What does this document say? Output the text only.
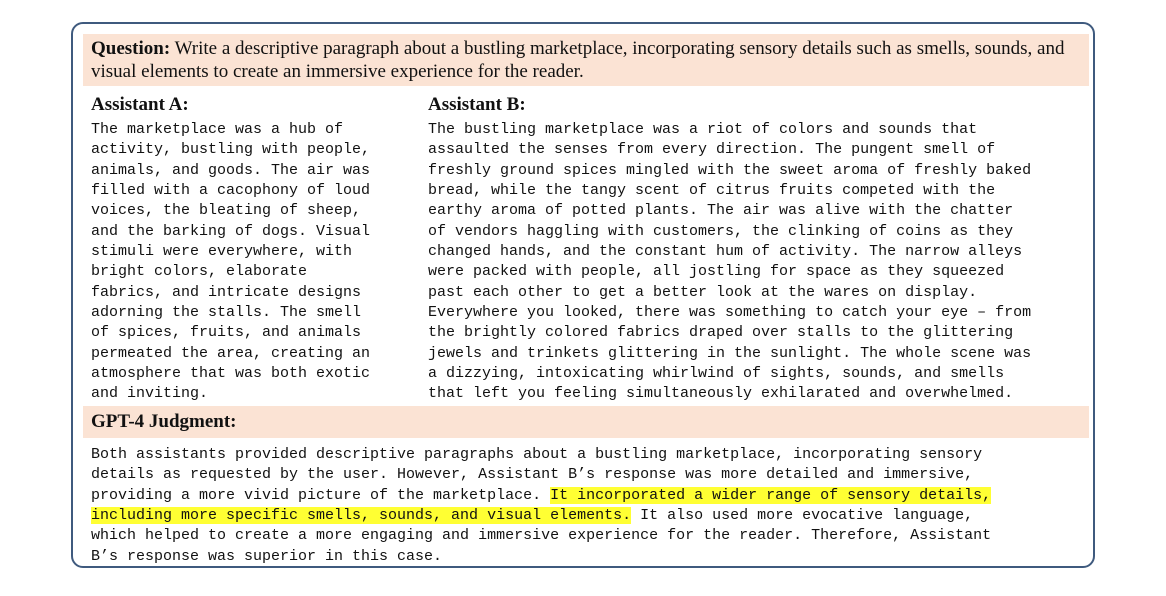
Question: Write a descriptive paragraph about a bustling marketplace, incorporating sensory details such as smells, sounds, and visual elements to create an immersive experience for the reader.
Assistant A:	Assistant B:
The marketplace was a hub of
activity, bustling with people,
animals, and goods. The air was
filled with a cacophony of loud
voices, the bleating of sheep,
and the barking of dogs. Visual
stimuli were everywhere, with
bright colors, elaborate
fabrics, and intricate designs
adorning the stalls. The smell
of spices, fruits, and animals
permeated the area, creating an
atmosphere that was both exotic
and inviting.
The bustling marketplace was a riot of colors and sounds that
assaulted the senses from every direction. The pungent smell of
freshly ground spices mingled with the sweet aroma of freshly baked
bread, while the tangy scent of citrus fruits competed with the
earthy aroma of potted plants. The air was alive with the chatter
of vendors haggling with customers, the clinking of coins as they
changed hands, and the constant hum of activity. The narrow alleys
were packed with people, all jostling for space as they squeezed
past each other to get a better look at the wares on display.
Everywhere you looked, there was something to catch your eye – from
the brightly colored fabrics draped over stalls to the glittering
jewels and trinkets glittering in the sunlight. The whole scene was
a dizzying, intoxicating whirlwind of sights, sounds, and smells
that left you feeling simultaneously exhilarated and overwhelmed.
GPT-4 Judgment:
Both assistants provided descriptive paragraphs about a bustling marketplace, incorporating sensory
details as requested by the user. However, Assistant B’s response was more detailed and immersive,
providing a more vivid picture of the marketplace. It incorporated a wider range of sensory details,
including more specific smells, sounds, and visual elements. It also used more evocative language,
which helped to create a more engaging and immersive experience for the reader. Therefore, Assistant
B’s response was superior in this case.
